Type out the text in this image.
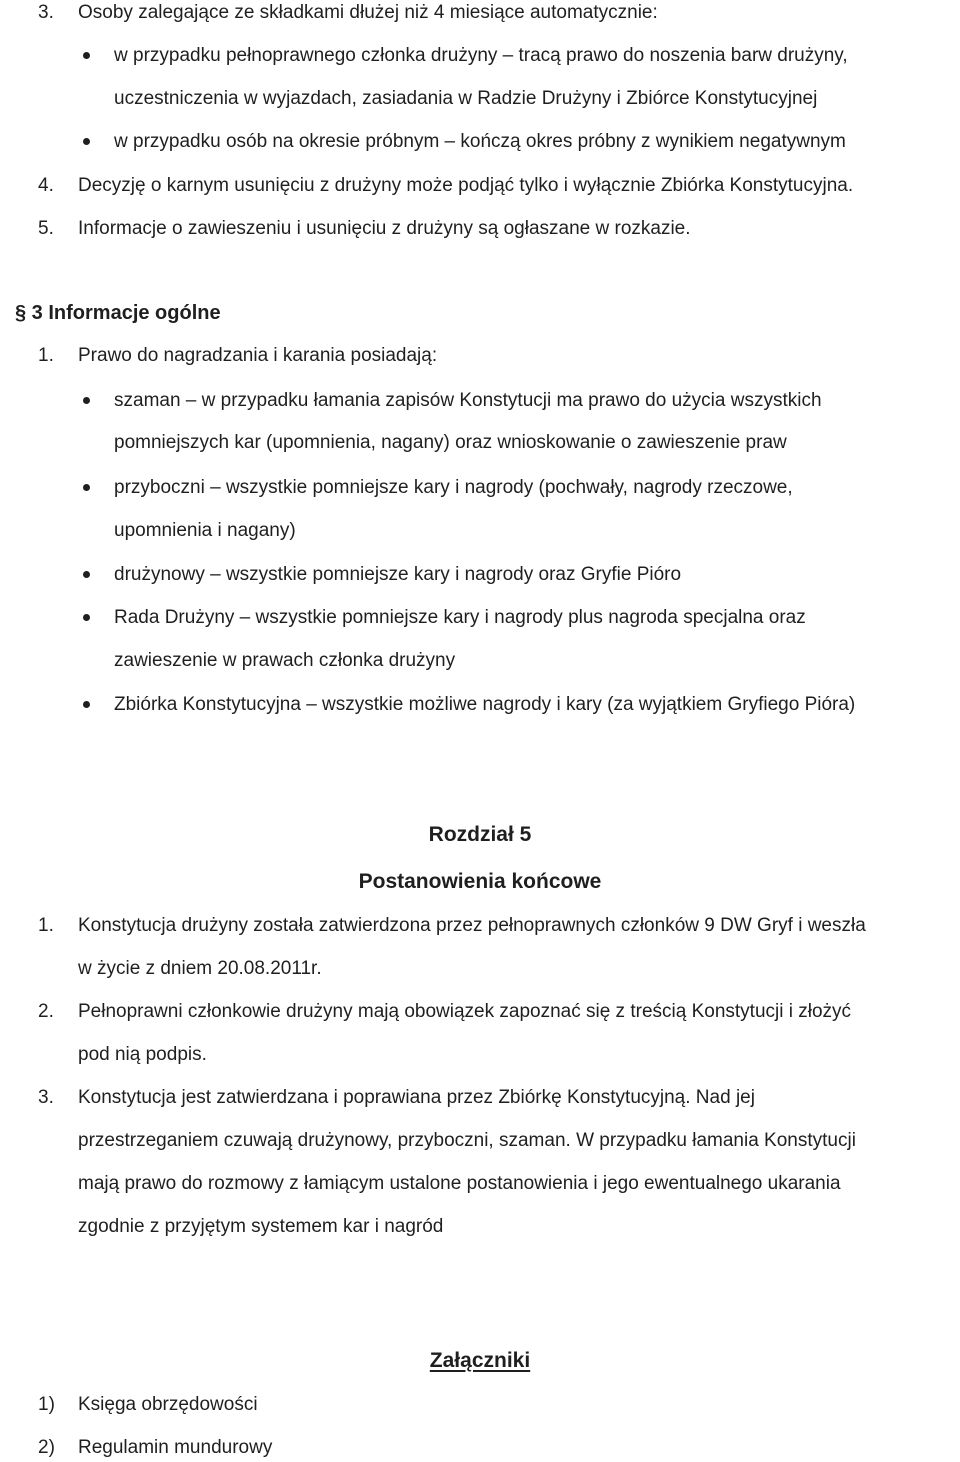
3. Osoby zalegające ze składkami dłużej niż 4 miesiące automatycznie:
w przypadku pełnoprawnego członka drużyny – tracą prawo do noszenia barw drużyny,
uczestniczenia w wyjazdach, zasiadania w Radzie Drużyny i Zbiórce Konstytucyjnej
w przypadku osób na okresie próbnym – kończą okres próbny z wynikiem negatywnym
4. Decyzję o karnym usunięciu z drużyny może podjąć tylko i wyłącznie Zbiórka Konstytucyjna.
5. Informacje o zawieszeniu i usunięciu z drużyny są ogłaszane w rozkazie.
§ 3 Informacje ogólne
1. Prawo do nagradzania i karania posiadają:
szaman – w przypadku łamania zapisów Konstytucji ma prawo do użycia wszystkich
pomniejszych kar (upomnienia, nagany) oraz wnioskowanie o zawieszenie praw
przyboczni – wszystkie pomniejsze kary i nagrody (pochwały, nagrody rzeczowe,
upomnienia i nagany)
drużynowy – wszystkie pomniejsze kary i nagrody oraz Gryfie Pióro
Rada Drużyny – wszystkie pomniejsze kary i nagrody plus nagroda specjalna oraz
zawieszenie w prawach członka drużyny
Zbiórka Konstytucyjna – wszystkie możliwe nagrody i kary (za wyjątkiem Gryfiego Pióra)
Rozdział 5
Postanowienia końcowe
1. Konstytucja drużyny została zatwierdzona przez pełnoprawnych członków 9 DW Gryf i weszła
w życie z dniem 20.08.2011r.
2. Pełnoprawni członkowie drużyny mają obowiązek zapoznać się z treścią Konstytucji i złożyć
pod nią podpis.
3. Konstytucja jest zatwierdzana i poprawiana przez Zbiórkę Konstytucyjną. Nad jej
przestrzeganiem czuwają drużynowy, przyboczni, szaman. W przypadku łamania Konstytucji
mają prawo do rozmowy z łamiącym ustalone postanowienia i jego ewentualnego ukarania
zgodnie z przyjętym systemem kar i nagród
Załączniki
1) Księga obrzędowości
2) Regulamin mundurowy
